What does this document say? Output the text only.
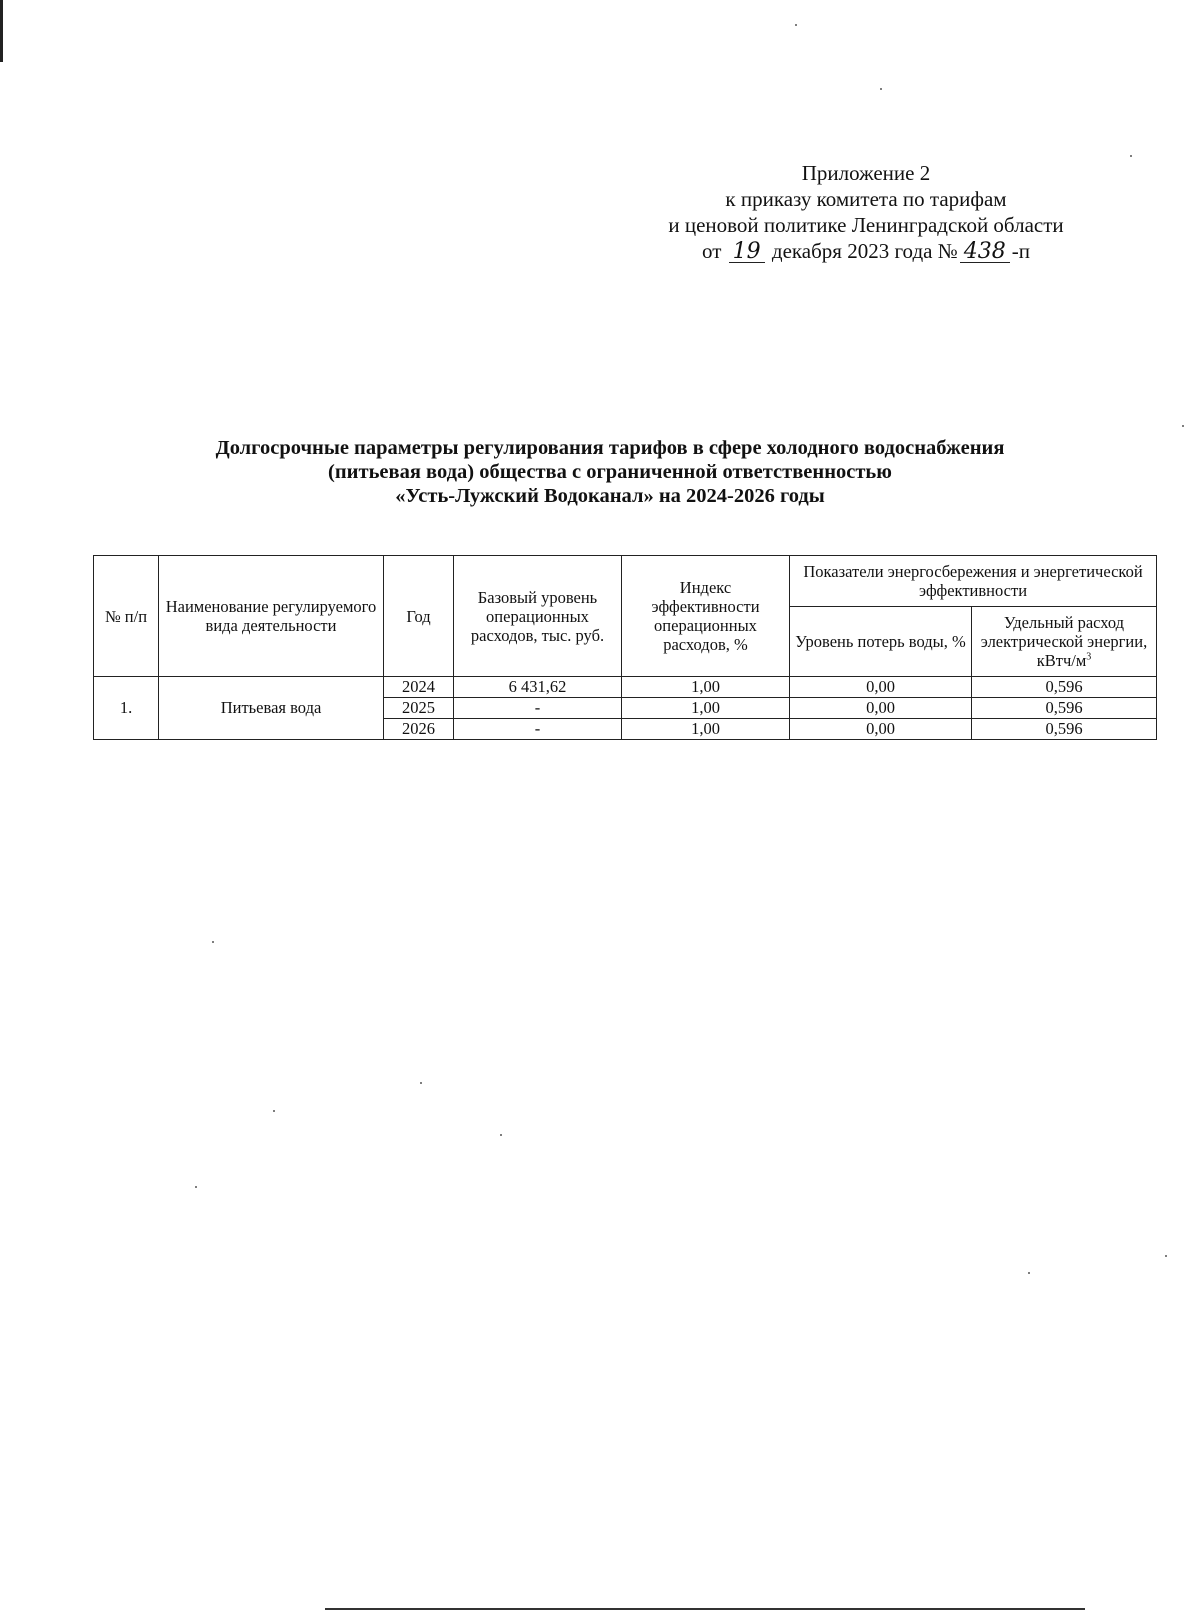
Приложение 2
к приказу комитета по тарифам
и ценовой политике Ленинградской области
от 19 декабря 2023 года № 438 -п
Долгосрочные параметры регулирования тарифов в сфере холодного водоснабжения
(питьевая вода) общества с ограниченной ответственностью
«Усть-Лужский Водоканал» на 2024-2026 годы
№ п/п	Наименование регулируемого вида деятельности	Год	Базовый уровень операционных расходов, тыс. руб.	Индекс эффективности операционных расходов, %	Показатели энергосбережения и энергетической эффективности	
					Уровень потерь воды, %	Удельный расход электрической энергии, кВтч/$м^3$
1.	Питьевая вода	2024	6 431,62	1,00	0,00	0,596
		2025	-	1,00	0,00	0,596
		2026	-	1,00	0,00	0,596
